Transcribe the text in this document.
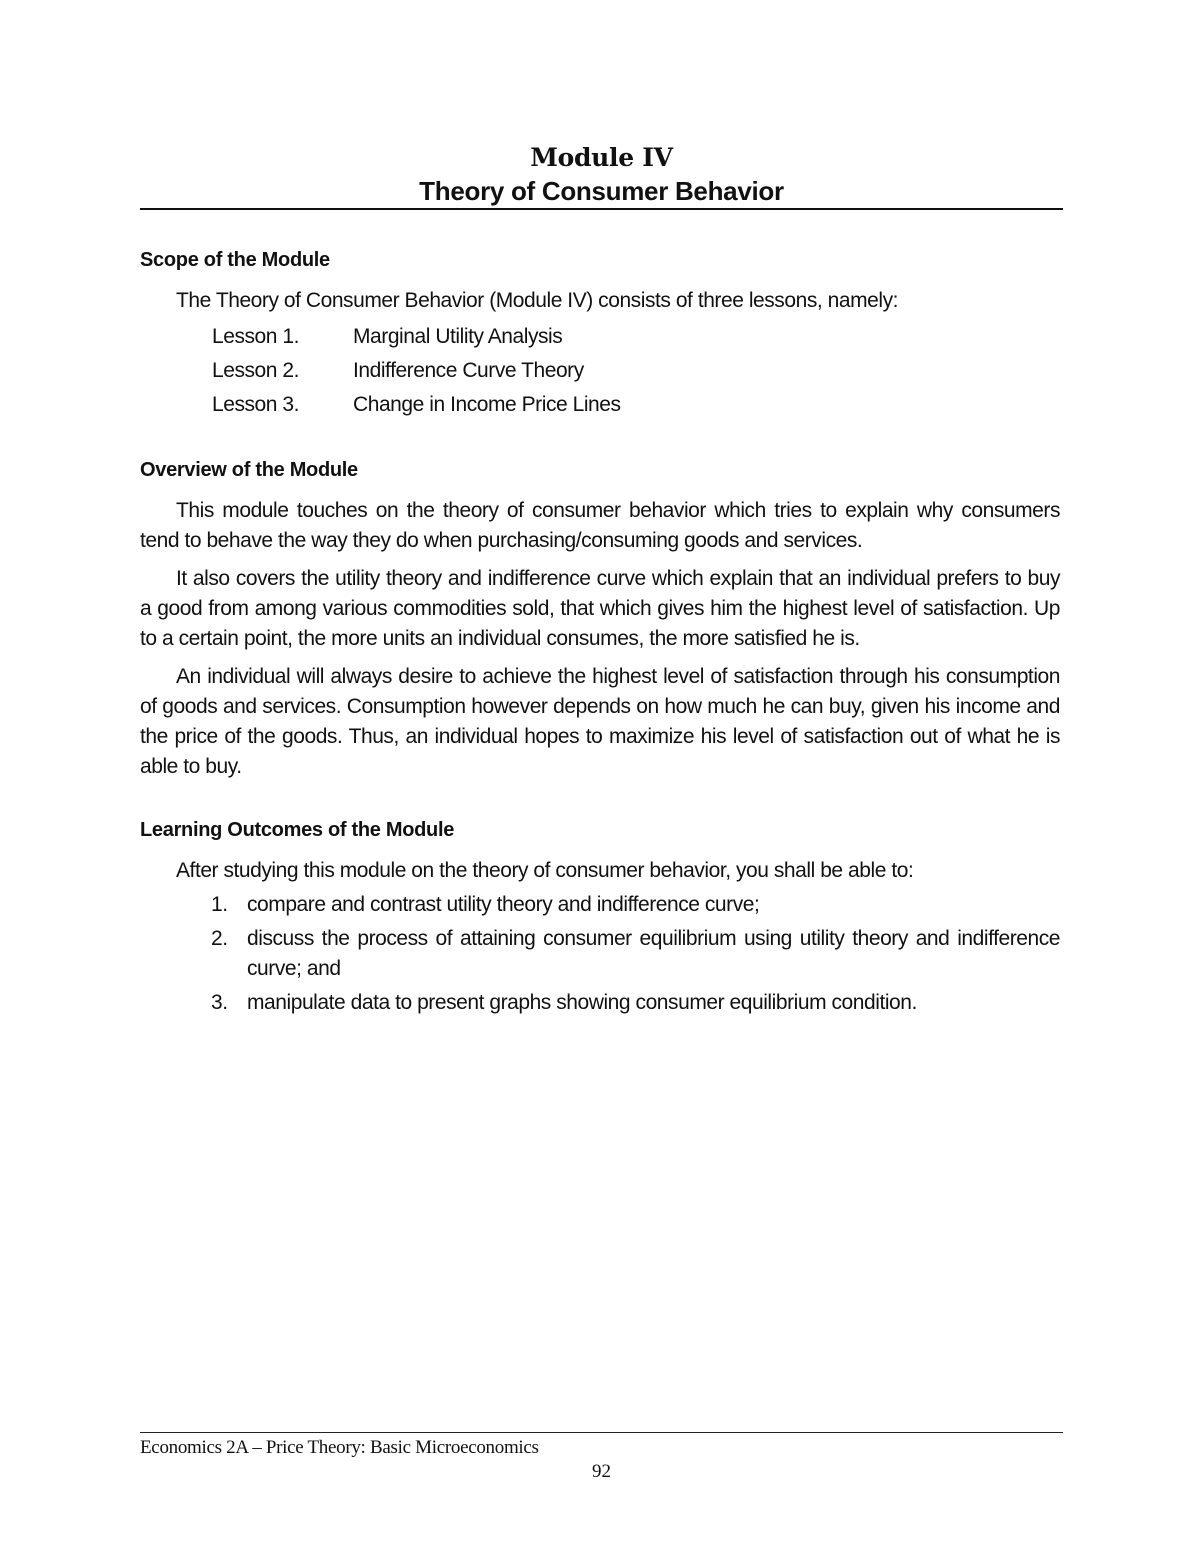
Module IV
Theory of Consumer Behavior
Scope of the Module

The Theory of Consumer Behavior (Module IV) consists of three lessons, namely:

Lesson 1.	Marginal Utility Analysis
Lesson 2.	Indifference Curve Theory
Lesson 3.	Change in Income Price Lines
Overview of the Module

This module touches on the theory of consumer behavior which tries to explain why consumers tend to behave the way they do when purchasing/consuming goods and services.

It also covers the utility theory and indifference curve which explain that an individual prefers to buy a good from among various commodities sold, that which gives him the highest level of satisfaction. Up to a certain point, the more units an individual consumes, the more satisfied he is.

An individual will always desire to achieve the highest level of satisfaction through his consumption of goods and services. Consumption however depends on how much he can buy, given his income and the price of the goods. Thus, an individual hopes to maximize his level of satisfaction out of what he is able to buy.

Learning Outcomes of the Module

After studying this module on the theory of consumer behavior, you shall be able to:

1. compare and contrast utility theory and indifference curve;
2. discuss the process of attaining consumer equilibrium using utility theory and indifference curve; and
3. manipulate data to present graphs showing consumer equilibrium condition.
Economics 2A – Price Theory: Basic Microeconomics
92
